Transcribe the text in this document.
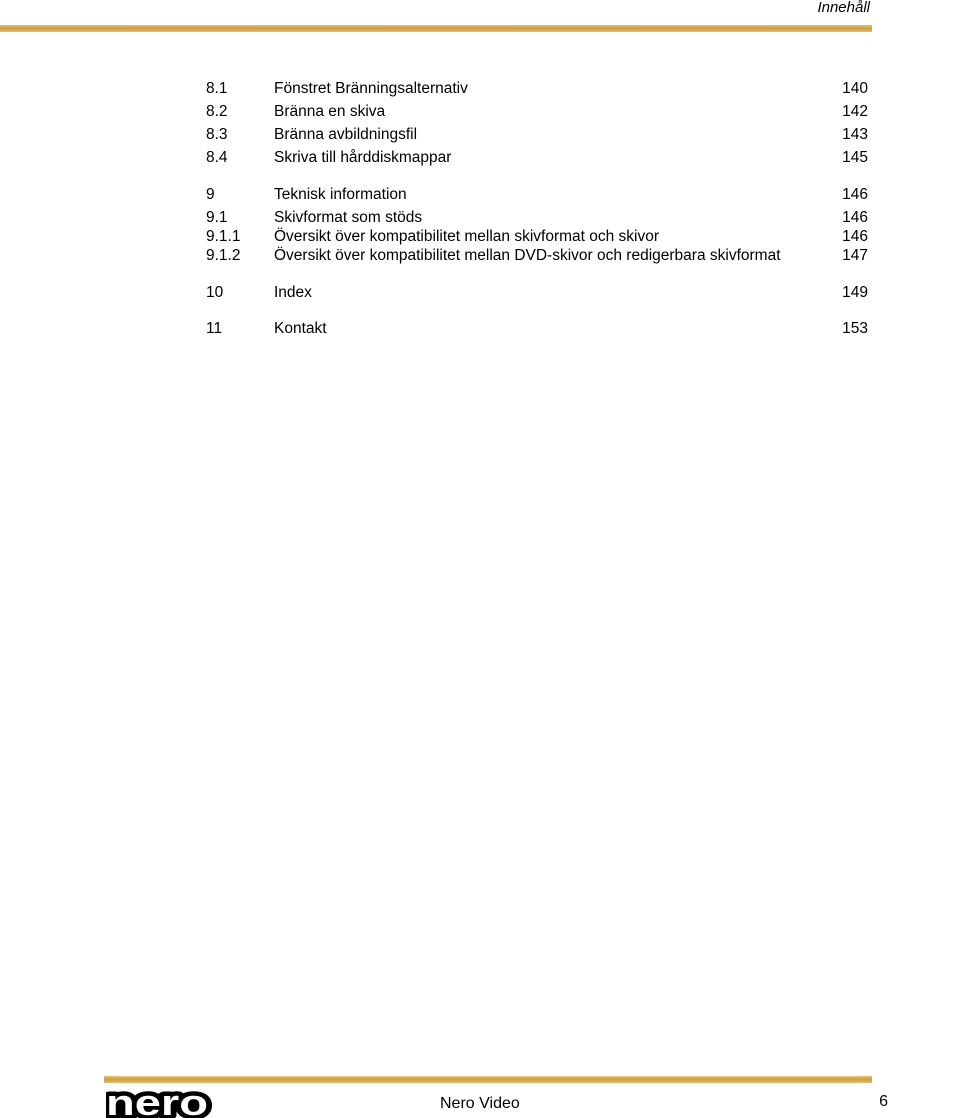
Innehåll
8.1	Fönstret Bränningsalternativ	140
8.2	Bränna en skiva	142
8.3	Bränna avbildningsfil	143
8.4	Skriva till hårddiskmappar	145
9	Teknisk information	146
9.1	Skivformat som stöds	146
9.1.1 Översikt över kompatibilitet mellan skivformat och skivor	146
9.1.2 Översikt över kompatibilitet mellan DVD-skivor och redigerbara skivformat	147
10	Index	149
11	Kontakt	153
nero	Nero Video	6
